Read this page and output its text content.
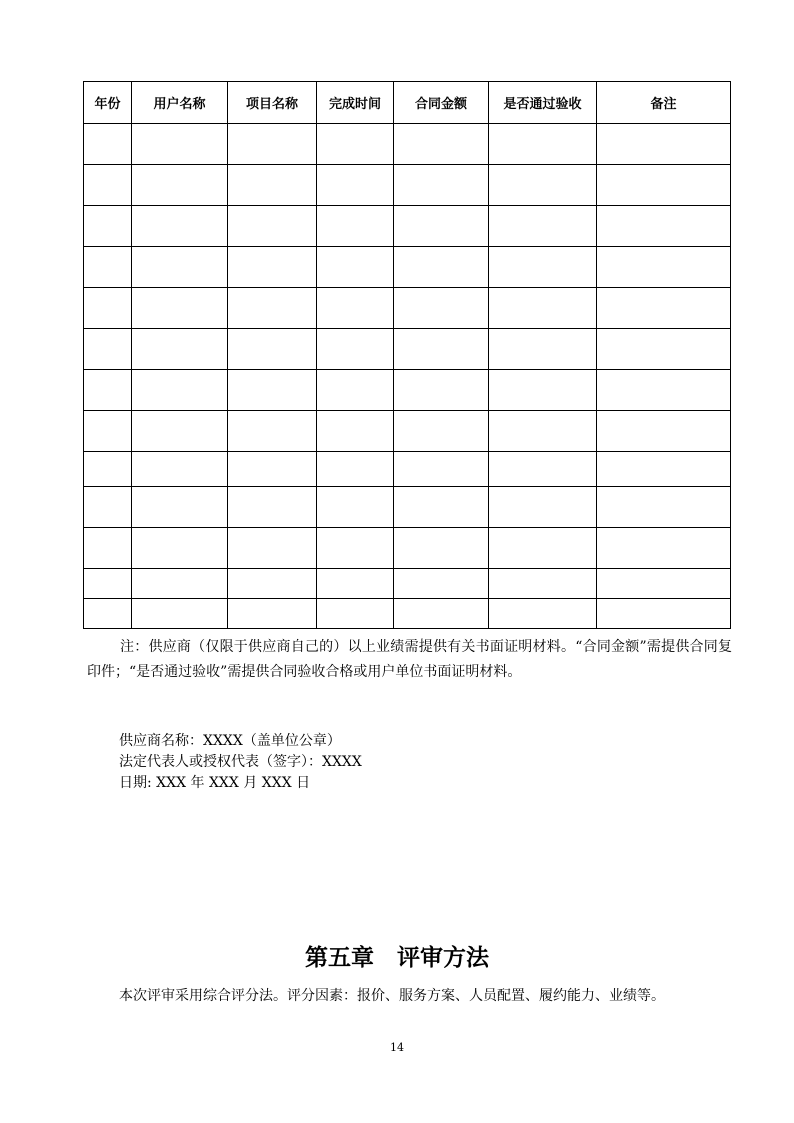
年份	用户名称	项目名称	完成时间	合同金额	是否通过验收	备注

注：供应商（仅限于供应商自己的）以上业绩需提供有关书面证明材料。“合同金额”需提供合同复印件；“是否通过验收”需提供合同验收合格或用户单位书面证明材料。

供应商名称：XXXX（盖单位公章）
法定代表人或授权代表（签字）：XXXX
日期: XXX 年 XXX 月 XXX 日
第五章　评审方法
本次评审采用综合评分法。评分因素：报价、服务方案、人员配置、履约能力、业绩等。
14
